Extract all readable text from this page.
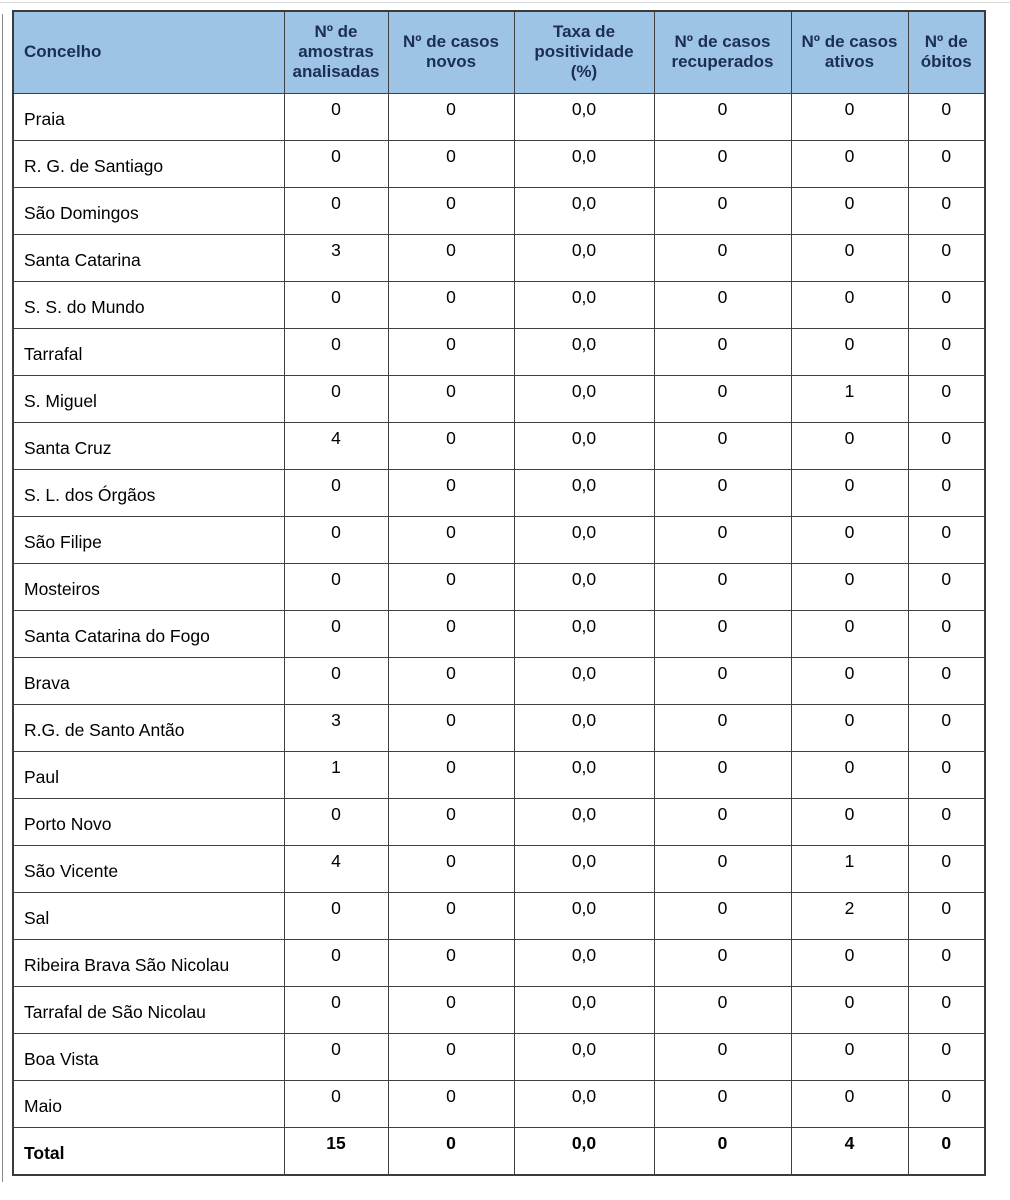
Concelho	Nº de amostras analisadas	Nº de casos novos	Taxa de positividade (%)	Nº de casos recuperados	Nº de casos ativos	Nº de óbitos
Praia	0	0	0,0	0	0	0
R. G. de Santiago	0	0	0,0	0	0	0
São Domingos	0	0	0,0	0	0	0
Santa Catarina	3	0	0,0	0	0	0
S. S. do Mundo	0	0	0,0	0	0	0
Tarrafal	0	0	0,0	0	0	0
S. Miguel	0	0	0,0	0	1	0
Santa Cruz	4	0	0,0	0	0	0
S. L. dos Órgãos	0	0	0,0	0	0	0
São Filipe	0	0	0,0	0	0	0
Mosteiros	0	0	0,0	0	0	0
Santa Catarina do Fogo	0	0	0,0	0	0	0
Brava	0	0	0,0	0	0	0
R.G. de Santo Antão	3	0	0,0	0	0	0
Paul	1	0	0,0	0	0	0
Porto Novo	0	0	0,0	0	0	0
São Vicente	4	0	0,0	0	1	0
Sal	0	0	0,0	0	2	0
Ribeira Brava São Nicolau	0	0	0,0	0	0	0
Tarrafal de São Nicolau	0	0	0,0	0	0	0
Boa Vista	0	0	0,0	0	0	0
Maio	0	0	0,0	0	0	0
Total	15	0	0,0	0	4	0
